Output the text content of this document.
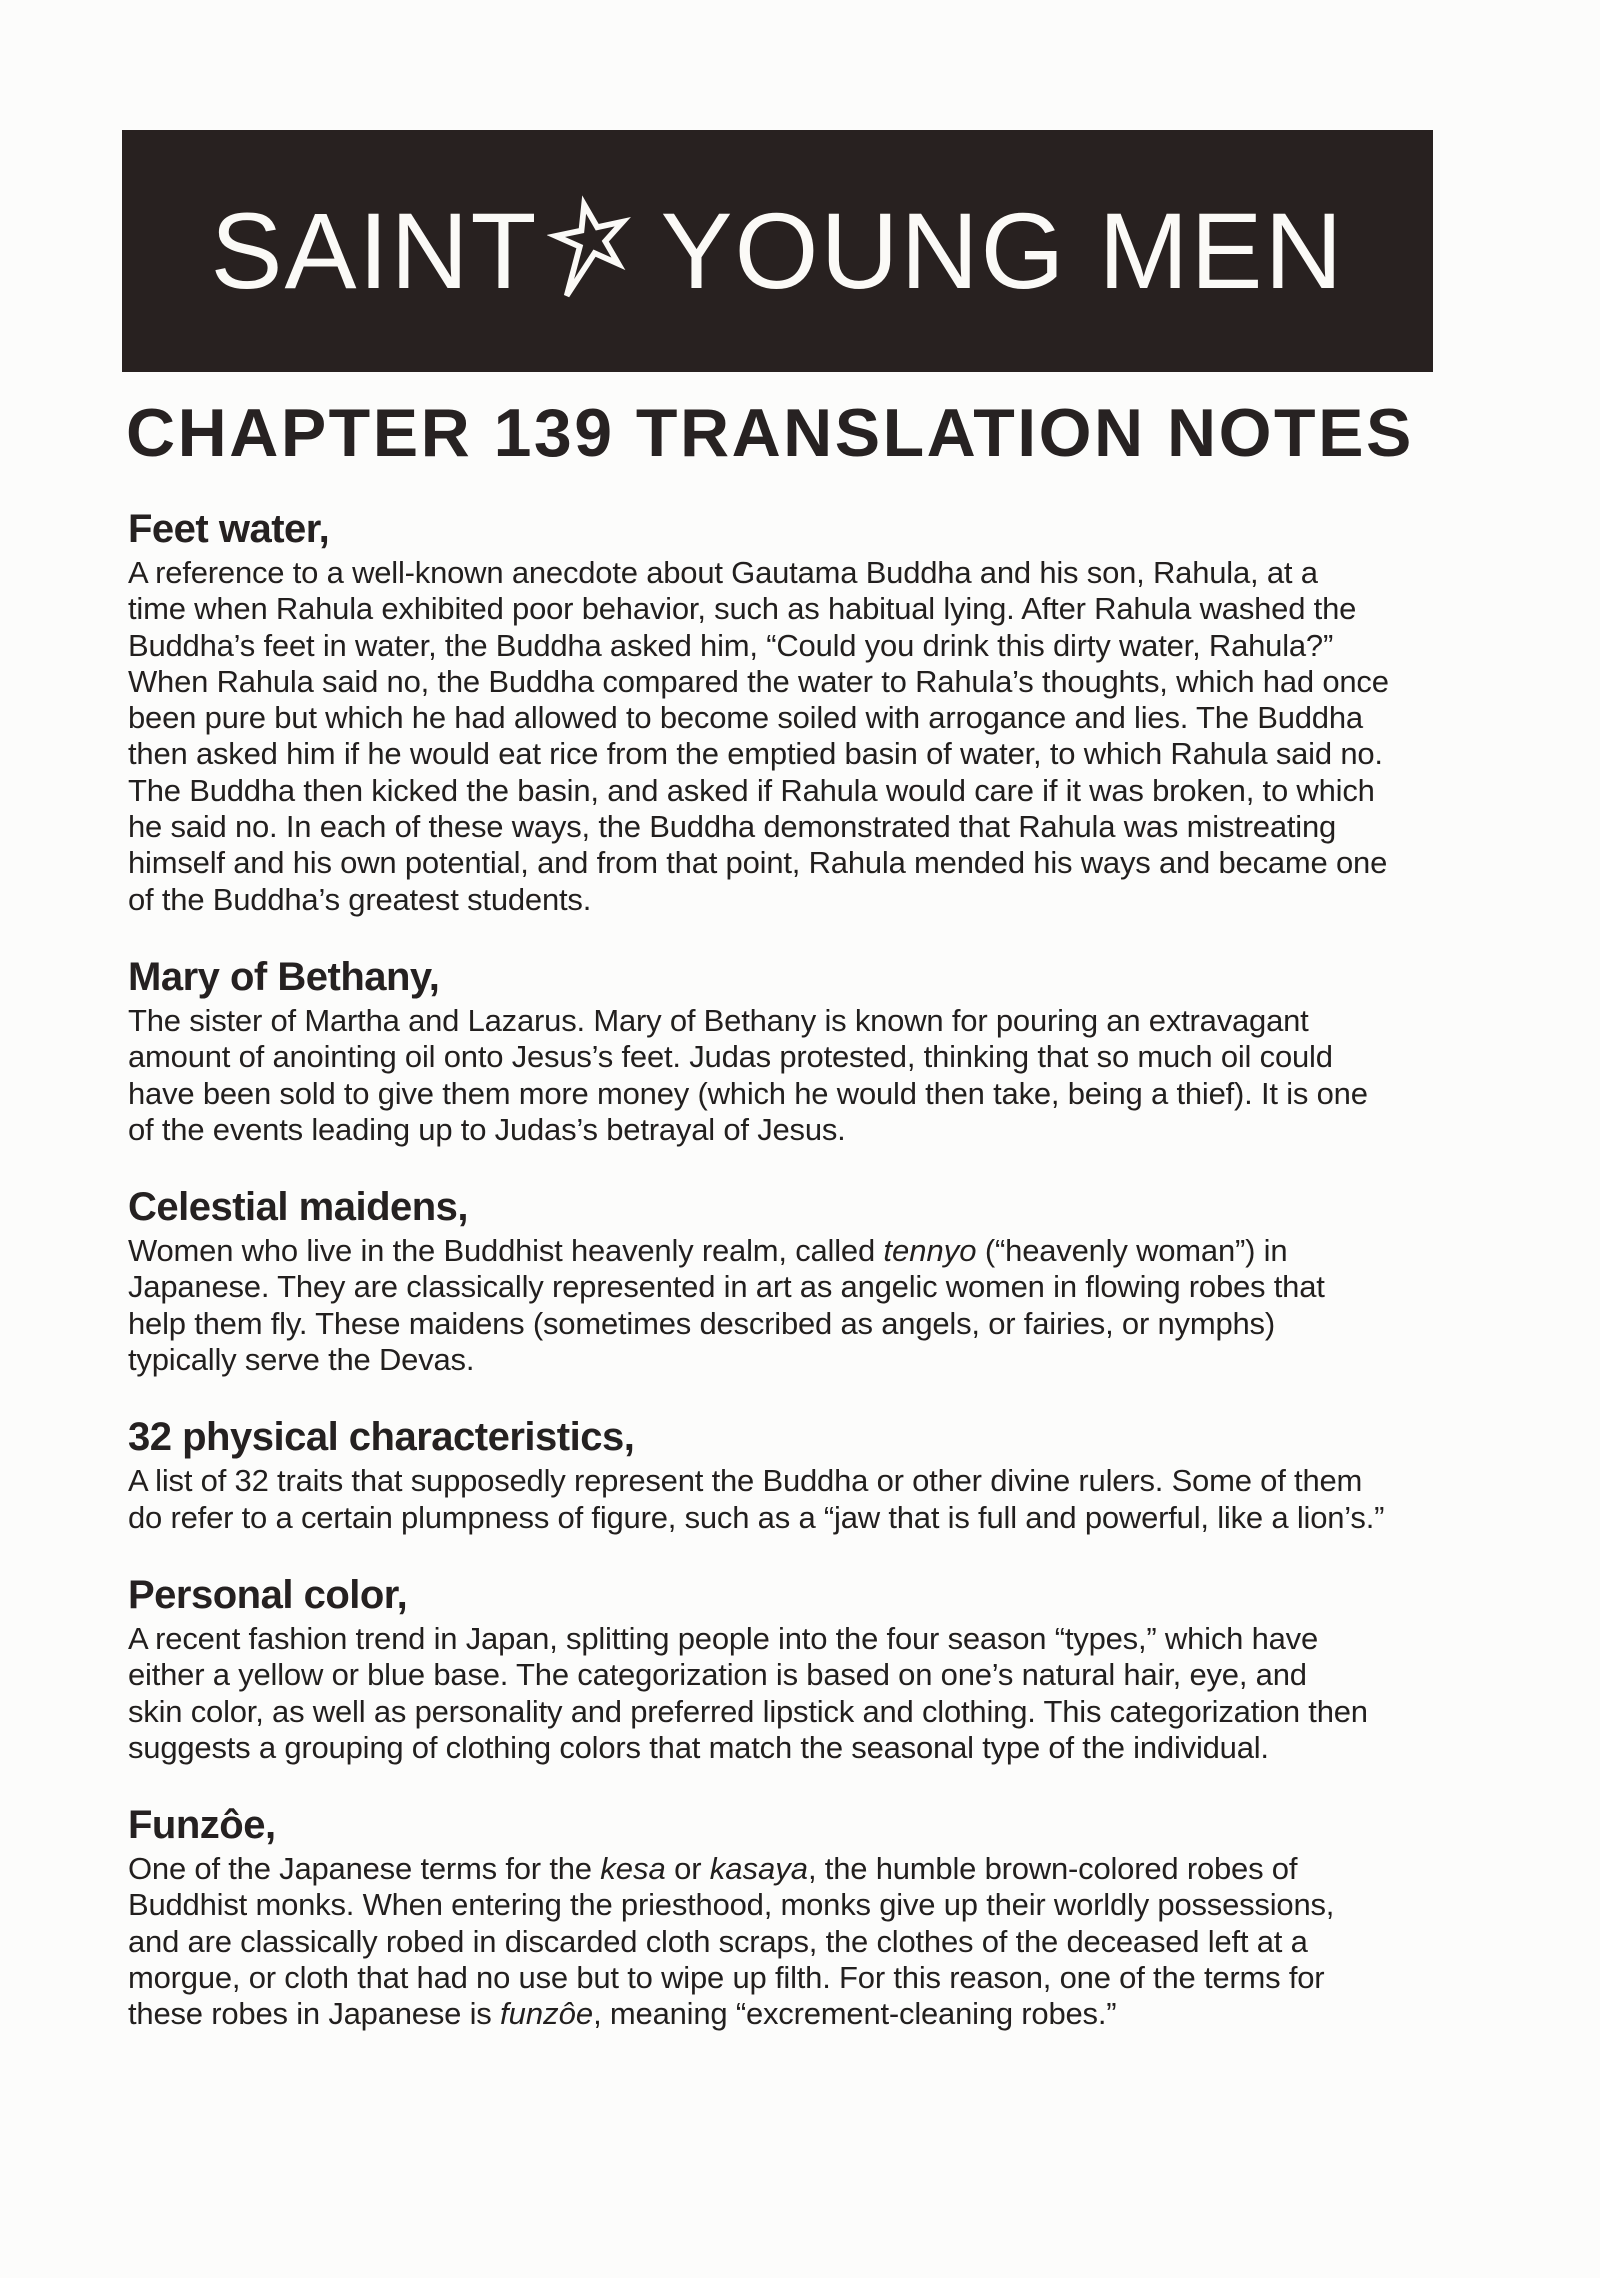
SAINT YOUNG MEN
CHAPTER 139 TRANSLATION NOTES
Feet water,
A reference to a well-known anecdote about Gautama Buddha and his son, Rahula, at a
time when Rahula exhibited poor behavior, such as habitual lying. After Rahula washed the
Buddha’s feet in water, the Buddha asked him, “Could you drink this dirty water, Rahula?”
When Rahula said no, the Buddha compared the water to Rahula’s thoughts, which had once
been pure but which he had allowed to become soiled with arrogance and lies. The Buddha
then asked him if he would eat rice from the emptied basin of water, to which Rahula said no.
The Buddha then kicked the basin, and asked if Rahula would care if it was broken, to which
he said no. In each of these ways, the Buddha demonstrated that Rahula was mistreating
himself and his own potential, and from that point, Rahula mended his ways and became one
of the Buddha’s greatest students.
Mary of Bethany,
The sister of Martha and Lazarus. Mary of Bethany is known for pouring an extravagant
amount of anointing oil onto Jesus’s feet. Judas protested, thinking that so much oil could
have been sold to give them more money (which he would then take, being a thief). It is one
of the events leading up to Judas’s betrayal of Jesus.
Celestial maidens,
Women who live in the Buddhist heavenly realm, called tennyo (“heavenly woman”) in
Japanese. They are classically represented in art as angelic women in flowing robes that
help them fly. These maidens (sometimes described as angels, or fairies, or nymphs)
typically serve the Devas.
32 physical characteristics,
A list of 32 traits that supposedly represent the Buddha or other divine rulers. Some of them
do refer to a certain plumpness of figure, such as a “jaw that is full and powerful, like a lion’s.”
Personal color,
A recent fashion trend in Japan, splitting people into the four season “types,” which have
either a yellow or blue base. The categorization is based on one’s natural hair, eye, and
skin color, as well as personality and preferred lipstick and clothing. This categorization then
suggests a grouping of clothing colors that match the seasonal type of the individual.
Funzôe,
One of the Japanese terms for the kesa or kasaya, the humble brown-colored robes of
Buddhist monks. When entering the priesthood, monks give up their worldly possessions,
and are classically robed in discarded cloth scraps, the clothes of the deceased left at a
morgue, or cloth that had no use but to wipe up filth. For this reason, one of the terms for
these robes in Japanese is funzôe, meaning “excrement-cleaning robes.”
